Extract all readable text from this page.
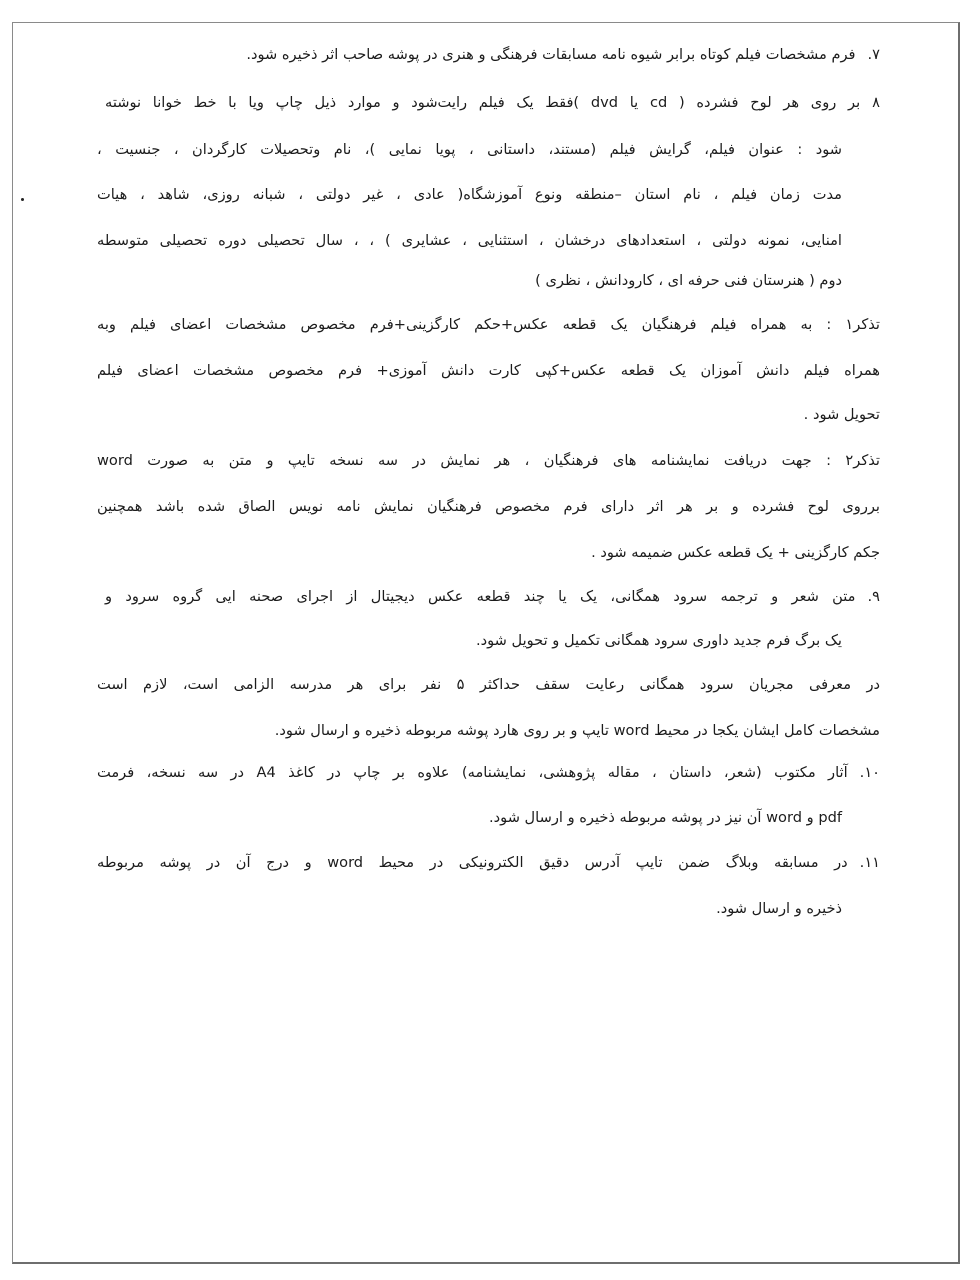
۷.فرم مشخصات فیلم کوتاه برابر شیوه نامه مسابقات فرهنگی و هنری در پوشه صاحب اثر ذخیره شود.
۸بر روی هر لوح فشرده ( cd یا dvd )فقط یک فیلم رایت‌شود و موارد ذیل چاپ ویا با خط خوانا نوشته
شود : عنوان فیلم، گرایش فیلم (مستند، داستانی ، پویا نمایی )، نام وتحصیلات کارگردان ، جنسیت ،
مدت زمان فیلم ، نام استان –منطقه ونوع آموزشگاه( عادی ، غیر دولتی ، شبانه روزی، شاهد ، هیات
امنایی، نمونه دولتی ، استعدادهای درخشان ، استثنایی ، عشایری ) ، ، سال تحصیلی دوره تحصیلی متوسطه
دوم ( هنرستان فنی حرفه ای ، کارودانش ، نظری )
تذکر۱ : به همراه فیلم فرهنگیان یک قطعه عکس+حکم کارگزینی+فرم مخصوص مشخصات اعضای فیلم وبه
همراه فیلم دانش آموزان یک قطعه عکس+کپی کارت دانش آموزی+ فرم مخصوص مشخصات اعضای فیلم
تحویل شود .
تذکر۲ : جهت دریافت نمایشنامه های فرهنگیان ، هر نمایش در سه نسخه تایپ و متن به صورت word
برروی لوح فشرده و بر هر اثر دارای فرم مخصوص فرهنگیان نمایش نامه نویس الصاق شده باشد همچنین
جکم کارگزینی + یک قطعه عکس ضمیمه شود .
۹.متن شعر و ترجمه سرود همگانی، یک یا چند قطعه عکس دیجیتال از اجرای صحنه ایی گروه سرود و
یک برگ فرم جدید داوری سرود همگانی تکمیل و تحویل شود.
در معرفی مجریان سرود همگانی رعایت سقف حداکثر ۵ نفر برای هر مدرسه الزامی است، لازم است
مشخصات کامل ایشان یکجا در محیط word تایپ و بر روی هارد پوشه مربوطه ذخیره و ارسال شود.
۱۰.آثار مکتوب (شعر، داستان ، مقاله پژوهشی، نمایشنامه) علاوه بر چاپ در کاغذ A4 در سه نسخه، فرمت
pdf و word آن نیز در پوشه مربوطه ذخیره و ارسال شود.
۱۱.در مسابقه وبلاگ ضمن تایپ آدرس دقیق الکترونیکی در محیط word و درج آن در پوشه مربوطه
ذخیره و ارسال شود.
